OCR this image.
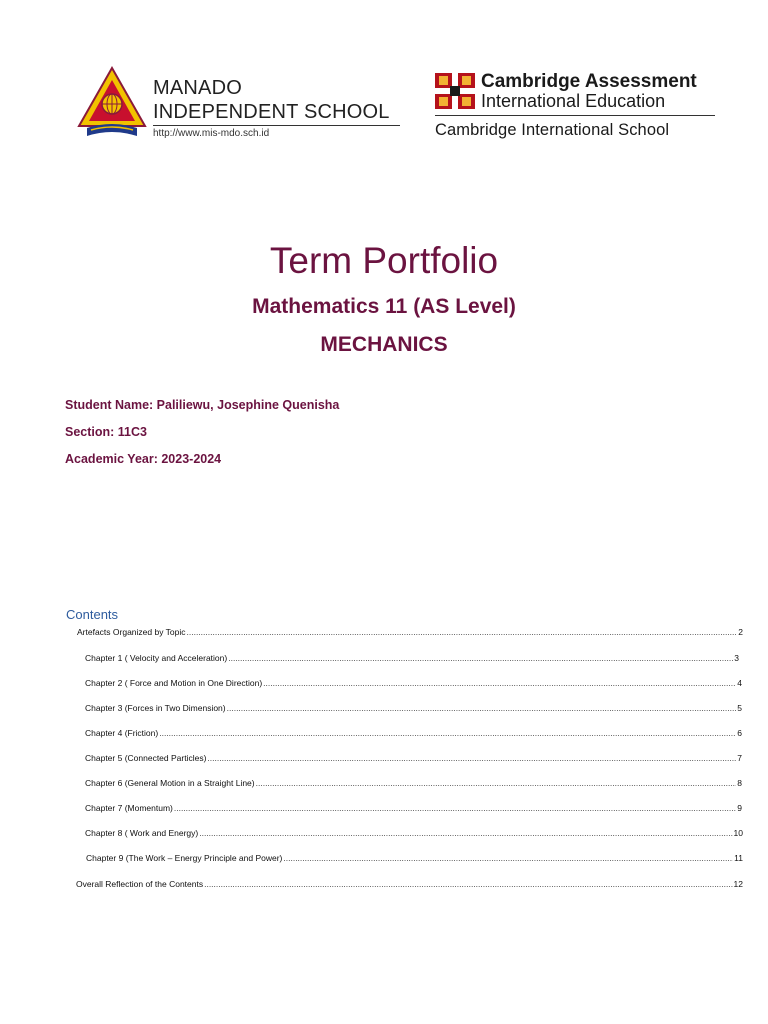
MANADO
INDEPENDENT SCHOOL
http://www.mis-mdo.sch.id
Cambridge Assessment
International Education
Cambridge International School
Term Portfolio
Mathematics 11 (AS Level)
MECHANICS
Student Name: Paliliewu, Josephine Quenisha
Section: 11C3
Academic Year: 2023-2024
Contents
Artefacts Organized by Topic .....	2
Chapter 1 ( Velocity and Acceleration) .....	3
Chapter 2 ( Force and Motion in One Direction) .....	4
Chapter 3 (Forces in Two Dimension) .....	5
Chapter 4 (Friction) .....	6
Chapter 5 (Connected Particles) .....	7
Chapter 6 (General Motion in a Straight Line) .....	8
Chapter 7 (Momentum) .....	9
Chapter 8 ( Work and Energy) .....	10
Chapter 9 (The Work – Energy Principle and Power) .....	11
Overall Reflection of the Contents .....	12
